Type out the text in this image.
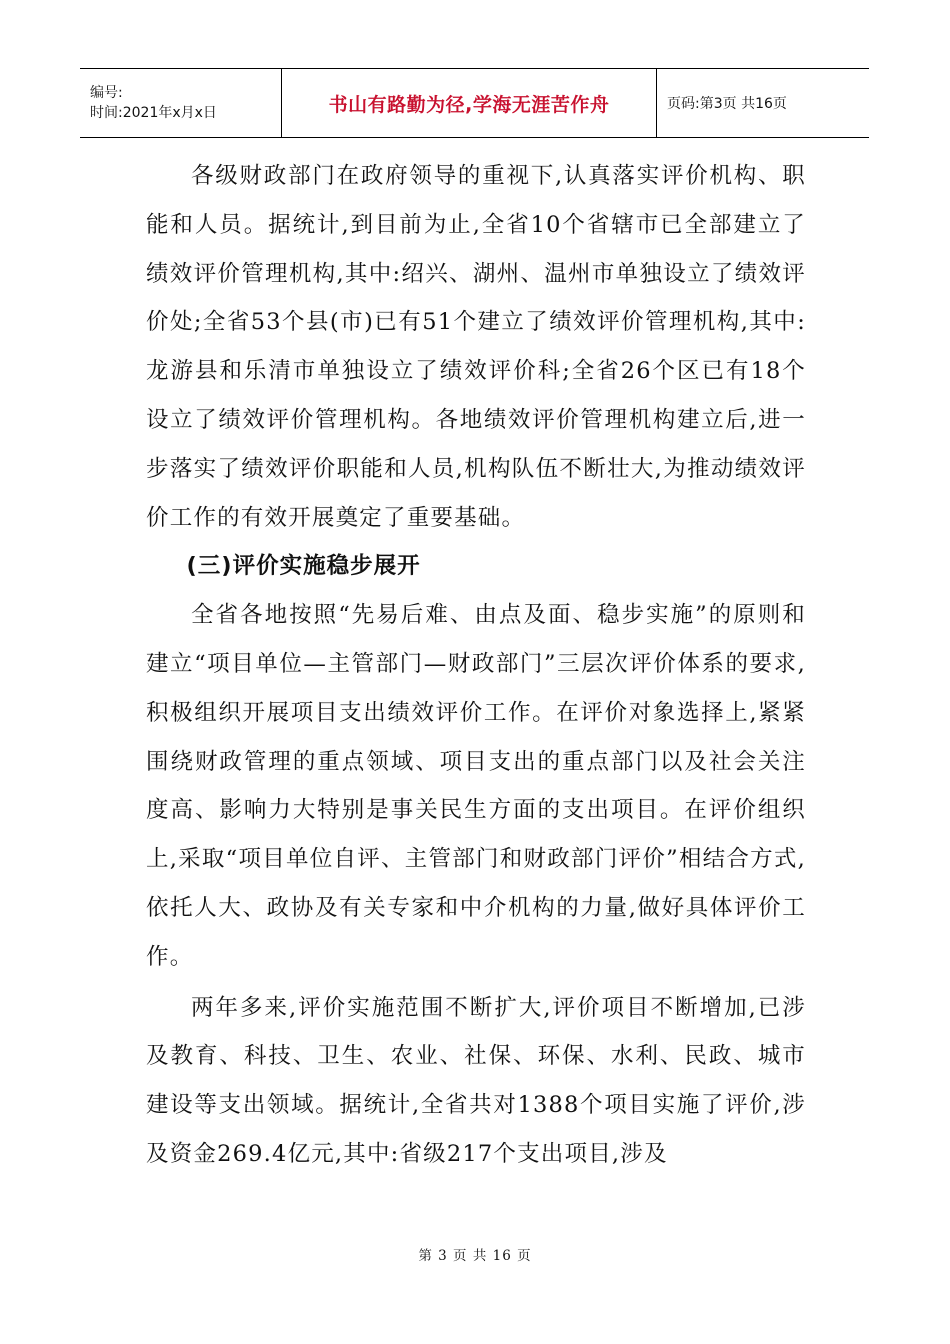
编号:
时间:2021年x月x日	书山有路勤为径,学海无涯苦作舟	页码:第3页 共16页

各级财政部门在政府领导的重视下,认真落实评价机构、职能和人员。据统计,到目前为止,全省10个省辖市已全部建立了绩效评价管理机构,其中:绍兴、湖州、温州市单独设立了绩效评价处;全省53个县(市)已有51个建立了绩效评价管理机构,其中:龙游县和乐清市单独设立了绩效评价科;全省26个区已有18个设立了绩效评价管理机构。各地绩效评价管理机构建立后,进一步落实了绩效评价职能和人员,机构队伍不断壮大,为推动绩效评价工作的有效开展奠定了重要基础。

(三)评价实施稳步展开

全省各地按照“先易后难、由点及面、稳步实施”的原则和建立“项目单位—主管部门—财政部门”三层次评价体系的要求,积极组织开展项目支出绩效评价工作。在评价对象选择上,紧紧围绕财政管理的重点领域、项目支出的重点部门以及社会关注度高、影响力大特别是事关民生方面的支出项目。在评价组织上,采取“项目单位自评、主管部门和财政部门评价”相结合方式,依托人大、政协及有关专家和中介机构的力量,做好具体评价工作。

两年多来,评价实施范围不断扩大,评价项目不断增加,已涉及教育、科技、卫生、农业、社保、环保、水利、民政、城市建设等支出领域。据统计,全省共对1388个项目实施了评价,涉及资金269.4亿元,其中:省级217个支出项目,涉及

第 3 页 共 16 页
